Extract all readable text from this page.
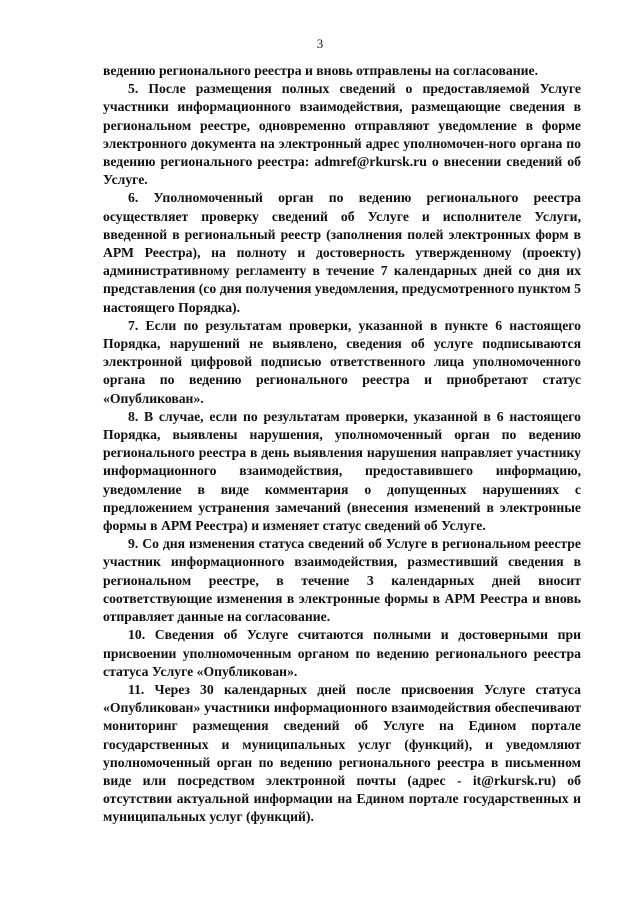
3

ведению регионального реестра и вновь отправлены на согласование.

5. После размещения полных сведений о предоставляемой Услуге участники информационного взаимодействия, размещающие сведения в региональном реестре, одновременно отправляют уведомление в форме электронного документа на электронный адрес уполномочен-ного органа по ведению регионального реестра: admref@rkursk.ru о внесении сведений об Услуге.

6. Уполномоченный орган по ведению регионального реестра осуществляет проверку сведений об Услуге и исполнителе Услуги, введенной в региональный реестр (заполнения полей электронных форм в АРМ Реестра), на полноту и достоверность утвержденному (проекту) административному регламенту в течение 7 календарных дней со дня их представления (со дня получения уведомления, предусмотренного пунктом 5 настоящего Порядка).

7. Если по результатам проверки, указанной в пункте 6 настоящего Порядка, нарушений не выявлено, сведения об услуге подписываются электронной цифровой подписью ответственного лица уполномоченного органа по ведению регионального реестра и приобретают статус «Опубликован».

8. В случае, если по результатам проверки, указанной в 6 настоящего Порядка, выявлены нарушения, уполномоченный орган по ведению регионального реестра в день выявления нарушения направляет участнику информационного взаимодействия, предоставившего информацию, уведомление в виде комментария о допущенных нарушениях с предложением устранения замечаний (внесения изменений в электронные формы в АРМ Реестра) и изменяет статус сведений об Услуге.

9. Со дня изменения статуса сведений об Услуге в региональном реестре участник информационного взаимодействия, разместивший сведения в региональном реестре, в течение 3 календарных дней вносит соответствующие изменения в электронные формы в АРМ Реестра и вновь отправляет данные на согласование.

10. Сведения об Услуге считаются полными и достоверными при присвоении уполномоченным органом по ведению регионального реестра статуса Услуге «Опубликован».

11. Через 30 календарных дней после присвоения Услуге статуса «Опубликован» участники информационного взаимодействия обеспечивают мониторинг размещения сведений об Услуге на Едином портале государственных и муниципальных услуг (функций), и уведомляют уполномоченный орган по ведению регионального реестра в письменном виде или посредством электронной почты (адрес - it@rkursk.ru) об отсутствии актуальной информации на Едином портале государственных и муниципальных услуг (функций).
